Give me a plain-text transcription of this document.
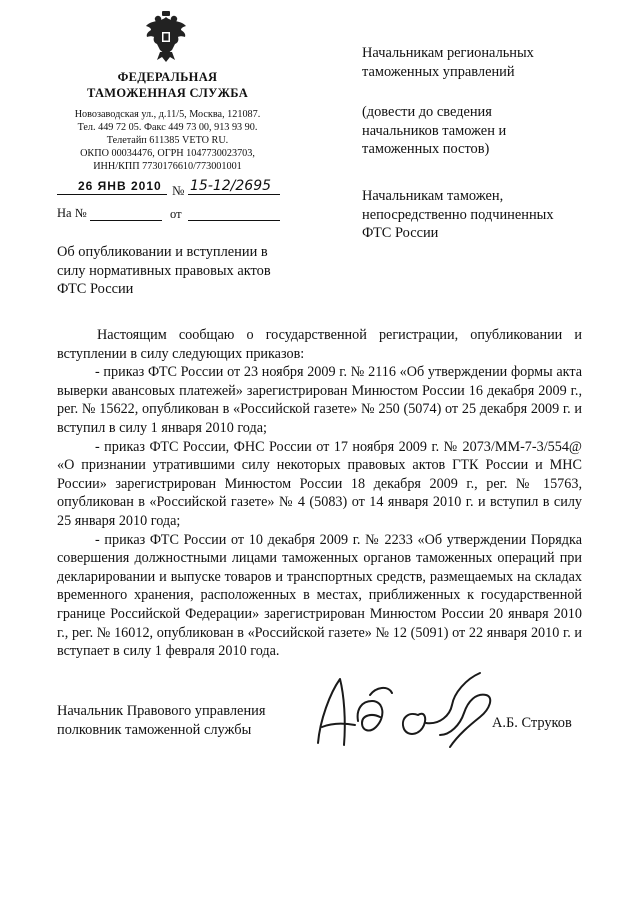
ФЕДЕРАЛЬНАЯ
ТАМОЖЕННАЯ СЛУЖБА
Новозаводская ул., д.11/5, Москва, 121087.
Тел. 449 72 05. Факс 449 73 00, 913 93 90.
Телетайп 611385 VETO RU.
ОКПО 00034476, ОГРН 1047730023703,
ИНН/КПП 7730176610/773001001
26 ЯНВ 2010 № 15-12/2695
На №	от
Начальникам региональных
таможенных управлений
(довести до сведения
начальников таможен и
таможенных постов)
Начальникам таможен,
непосредственно подчиненных
ФТС России
Об опубликовании и вступлении в
силу нормативных правовых актов
ФТС России

Настоящим сообщаю о государственной регистрации, опубликовании и вступлении в силу следующих приказов:

- приказ ФТС России от 23 ноября 2009 г. № 2116 «Об утверждении формы акта выверки авансовых платежей» зарегистрирован Минюстом России 16 декабря 2009 г., рег. № 15622, опубликован в «Российской газете» № 250 (5074) от 25 декабря 2009 г. и вступил в силу 1 января 2010 года;

- приказ ФТС России, ФНС России от 17 ноября 2009 г. № 2073/ММ-7-3/554@ «О признании утратившими силу некоторых правовых актов ГТК России и МНС России» зарегистрирован Минюстом России 18 декабря 2009 г., рег. № 15763, опубликован в «Российской газете» № 4 (5083) от 14 января 2010 г. и вступил в силу 25 января 2010 года;

- приказ ФТС России от 10 декабря 2009 г. № 2233 «Об утверждении Порядка совершения должностными лицами таможенных органов таможенных операций при декларировании и выпуске товаров и транспортных средств, размещаемых на складах временного хранения, расположенных в местах, приближенных к государственной границе Российской Федерации» зарегистрирован Минюстом России 20 января 2010 г., рег. № 16012, опубликован в «Российской газете» № 12 (5091) от 22 января 2010 г. и вступает в силу 1 февраля 2010 года.

Начальник Правового управления
полковник таможенной службы	А.Б. Струков
